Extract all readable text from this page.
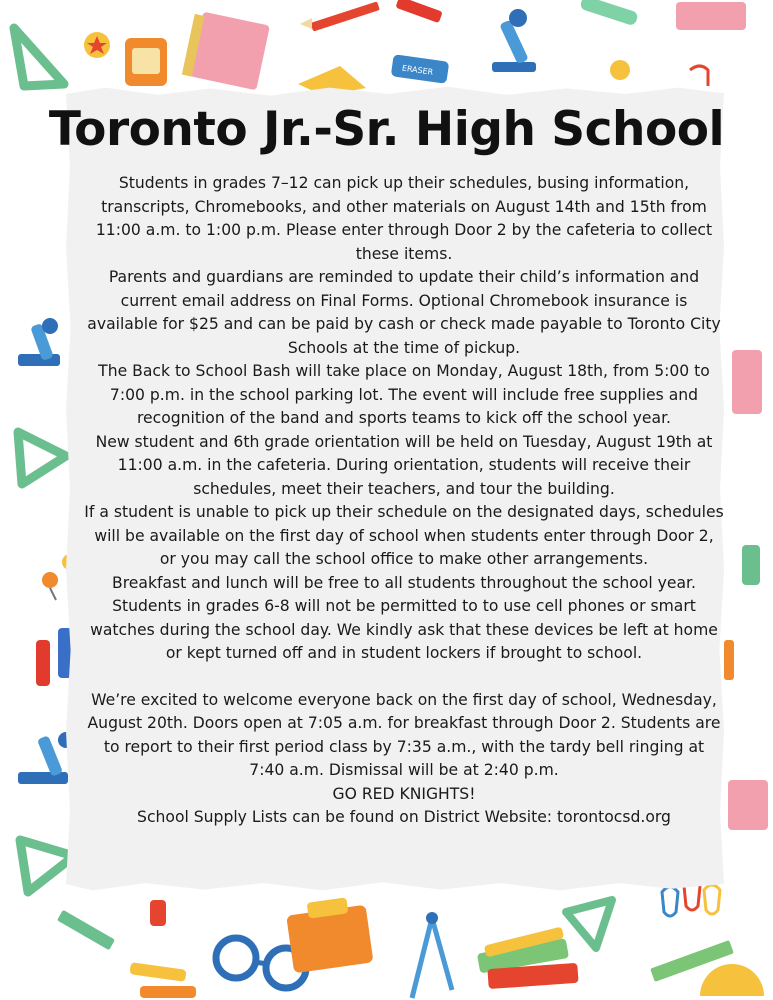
ERASER
Toronto Jr.-Sr. High School

Students in grades 7–12 can pick up their schedules, busing information, transcripts, Chromebooks, and other materials on August 14th and 15th from 11:00 a.m. to 1:00 p.m. Please enter through Door 2 by the cafeteria to collect these items.

Parents and guardians are reminded to update their child’s information and current email address on Final Forms. Optional Chromebook insurance is available for $25 and can be paid by cash or check made payable to Toronto City Schools at the time of pickup.

The Back to School Bash will take place on Monday, August 18th, from 5:00 to 7:00 p.m. in the school parking lot. The event will include free supplies and recognition of the band and sports teams to kick off the school year.

New student and 6th grade orientation will be held on Tuesday, August 19th at 11:00 a.m. in the cafeteria. During orientation, students will receive their schedules, meet their teachers, and tour the building.

If a student is unable to pick up their schedule on the designated days, schedules will be available on the first day of school when students enter through Door 2, or you may call the school office to make other arrangements.

Breakfast and lunch will be free to all students throughout the school year. Students in grades 6-8 will not be permitted to to use cell phones or smart watches during the school day. We kindly ask that these devices be left at home or kept turned off and in student lockers if brought to school.

We’re excited to welcome everyone back on the first day of school, Wednesday, August 20th. Doors open at 7:05 a.m. for breakfast through Door 2. Students are to report to their first period class by 7:35 a.m., with the tardy bell ringing at 7:40 a.m. Dismissal will be at 2:40 p.m.

GO RED KNIGHTS!

School Supply Lists can be found on District Website: torontocsd.org
